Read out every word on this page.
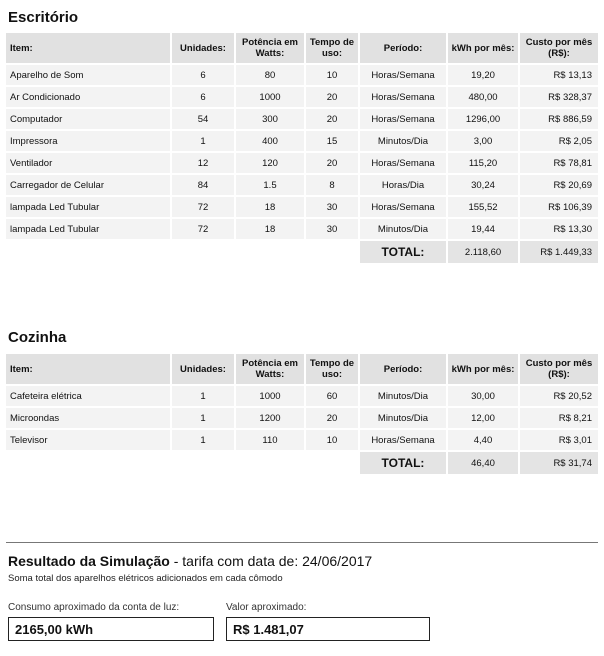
Escritório
Item:	Unidades:	Potência em Watts:	Tempo de uso:	Período:	kWh por mês:	Custo por mês (R$):
Aparelho de Som	6	80	10	Horas/Semana	19,20	R$ 13,13
Ar Condicionado	6	1000	20	Horas/Semana	480,00	R$ 328,37
Computador	54	300	20	Horas/Semana	1296,00	R$ 886,59
Impressora	1	400	15	Minutos/Dia	3,00	R$ 2,05
Ventilador	12	120	20	Horas/Semana	115,20	R$ 78,81
Carregador de Celular	84	1.5	8	Horas/Dia	30,24	R$ 20,69
lampada Led Tubular	72	18	30	Horas/Semana	155,52	R$ 106,39
lampada Led Tubular	72	18	30	Minutos/Dia	19,44	R$ 13,30
				TOTAL:	2.118,60	R$ 1.449,33
Cozinha
Item:	Unidades:	Potência em Watts:	Tempo de uso:	Período:	kWh por mês:	Custo por mês (R$):
Cafeteira elétrica	1	1000	60	Minutos/Dia	30,00	R$ 20,52
Microondas	1	1200	20	Minutos/Dia	12,00	R$ 8,21
Televisor	1	110	10	Horas/Semana	4,40	R$ 3,01
				TOTAL:	46,40	R$ 31,74
Resultado da Simulação - tarifa com data de: 24/06/2017
Soma total dos aparelhos elétricos adicionados em cada cômodo
Consumo aproximado da conta de luz:
2165,00 kWh
Valor aproximado:
R$ 1.481,07
